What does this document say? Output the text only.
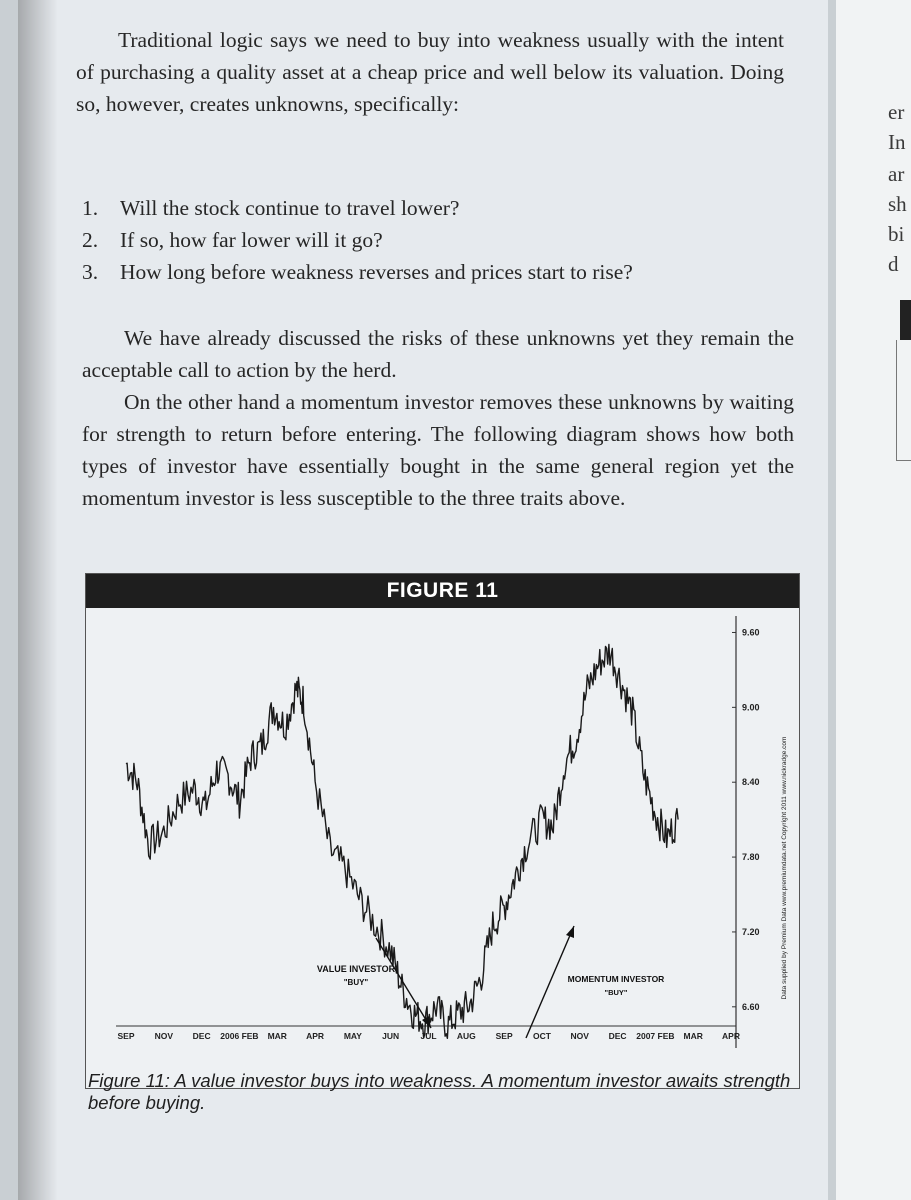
er
In
ar
sh
bi
d

Traditional logic says we need to buy into weakness usually with the intent of purchasing a quality asset at a cheap price and well below its valuation. Doing so, however, creates unknowns, specifically:

1. Will the stock continue to travel lower?
2. If so, how far lower will it go?
3. How long before weakness reverses and prices start to rise?

We have already discussed the risks of these unknowns yet they remain the acceptable call to action by the herd.

On the other hand a momentum investor removes these unknowns by waiting for strength to return before entering. The following diagram shows how both types of investor have essentially bought in the same general region yet the momentum investor is less susceptible to the three traits above.

FIGURE 11
9.60
9.00
8.40
7.80
7.20
6.60
SEP NOV DEC 2006 FEB MAR APR MAY JUN	JUL AUG SEP OCT NOV DEC 2007 FEB MAR APR
VALUE INVESTOR
"BUY"	MOMENTUM INVESTOR
"BUY"	Data supplied by Premium Data www.premiumdata.net Copyright 2011 www.nickradge.com
Figure 11: A value investor buys into weakness. A momentum investor awaits strength before buying.
